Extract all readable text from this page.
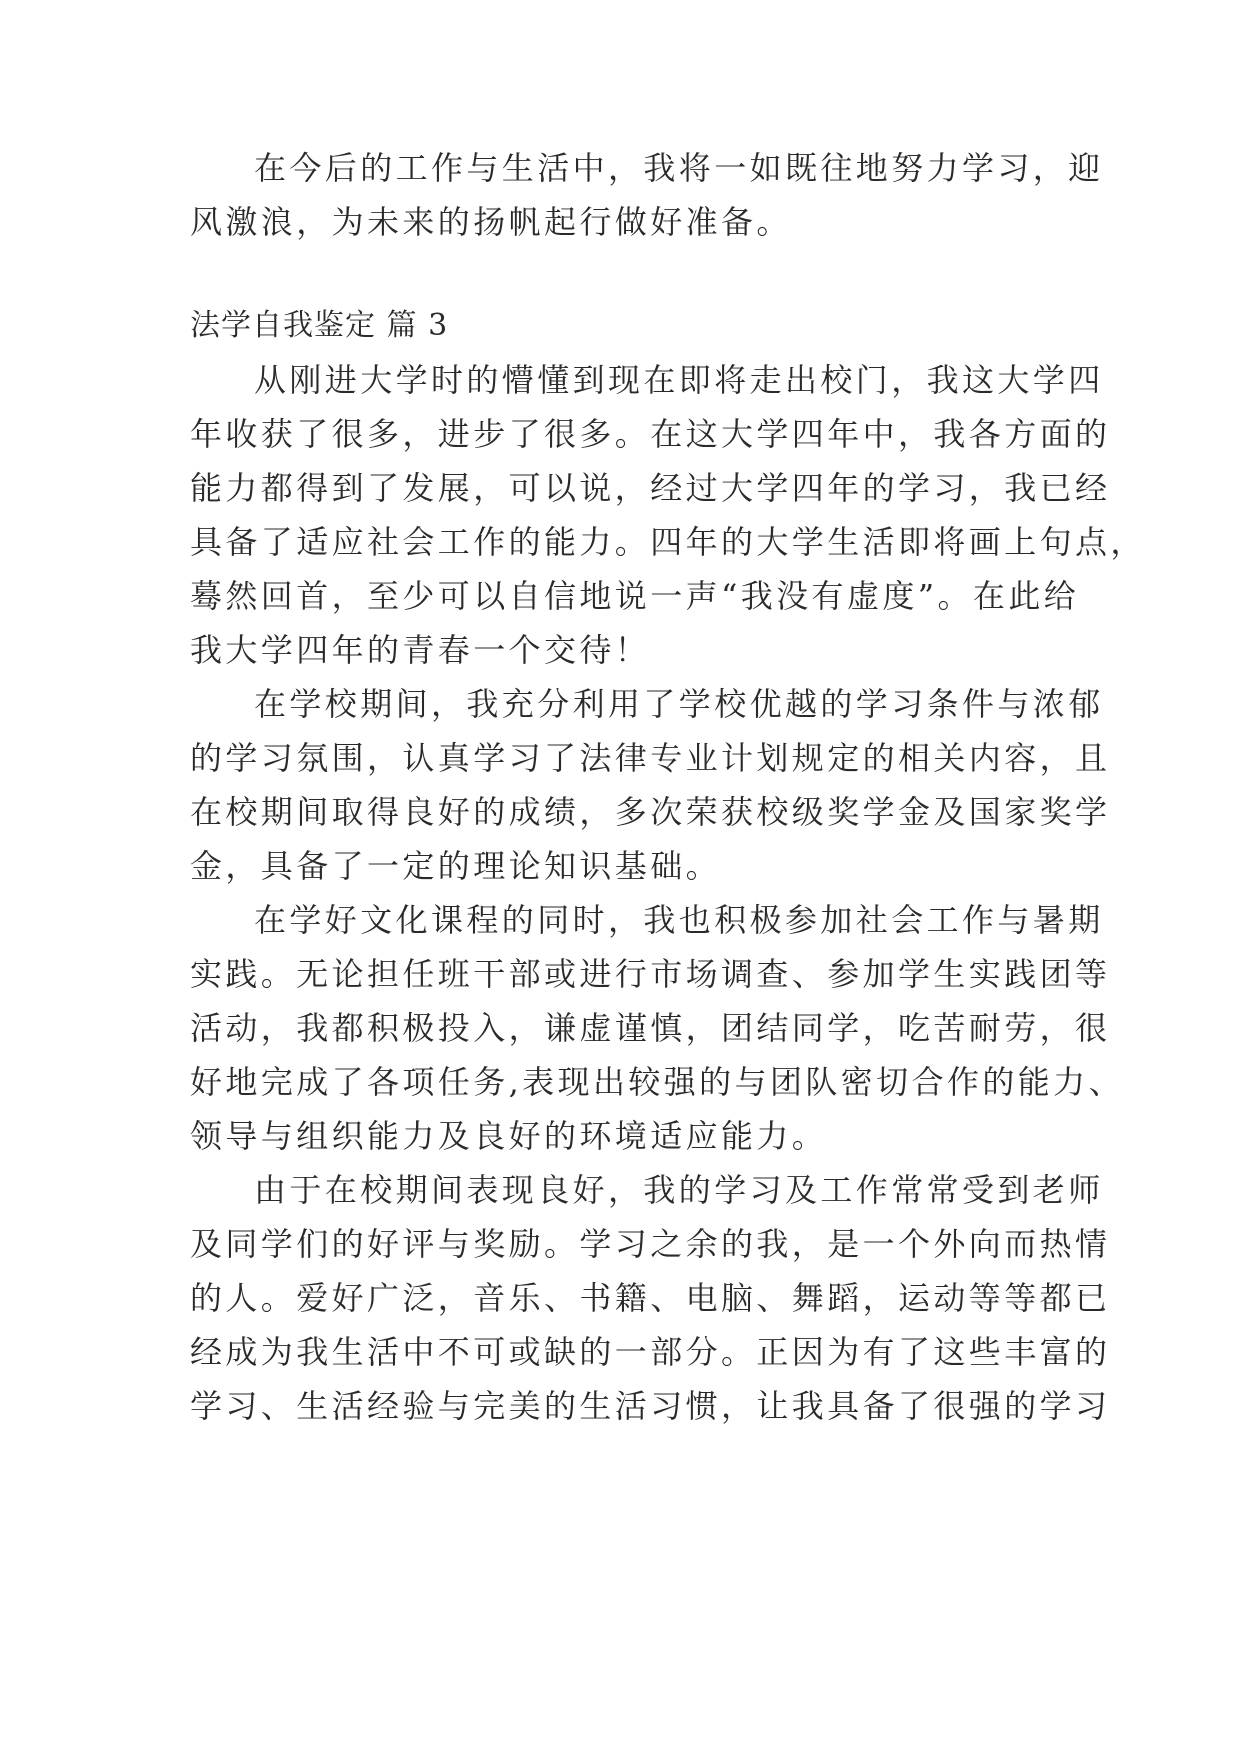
在今后的工作与生活中，我将一如既往地努力学习，迎
风激浪，为未来的扬帆起行做好准备。
法学自我鉴定 篇 3
从刚进大学时的懵懂到现在即将走出校门，我这大学四
年收获了很多，进步了很多。在这大学四年中，我各方面的
能力都得到了发展，可以说，经过大学四年的学习，我已经
具备了适应社会工作的能力。四年的大学生活即将画上句点，
蓦然回首，至少可以自信地说一声“我没有虚度”。在此给
我大学四年的青春一个交待！
在学校期间，我充分利用了学校优越的学习条件与浓郁
的学习氛围，认真学习了法律专业计划规定的相关内容，且
在校期间取得良好的成绩，多次荣获校级奖学金及国家奖学
金，具备了一定的理论知识基础。
在学好文化课程的同时，我也积极参加社会工作与暑期
实践。无论担任班干部或进行市场调查、参加学生实践团等
活动，我都积极投入，谦虚谨慎，团结同学，吃苦耐劳，很
好地完成了各项任务,表现出较强的与团队密切合作的能力、
领导与组织能力及良好的环境适应能力。
由于在校期间表现良好，我的学习及工作常常受到老师
及同学们的好评与奖励。学习之余的我，是一个外向而热情
的人。爱好广泛，音乐、书籍、电脑、舞蹈，运动等等都已
经成为我生活中不可或缺的一部分。正因为有了这些丰富的
学习、生活经验与完美的生活习惯，让我具备了很强的学习
